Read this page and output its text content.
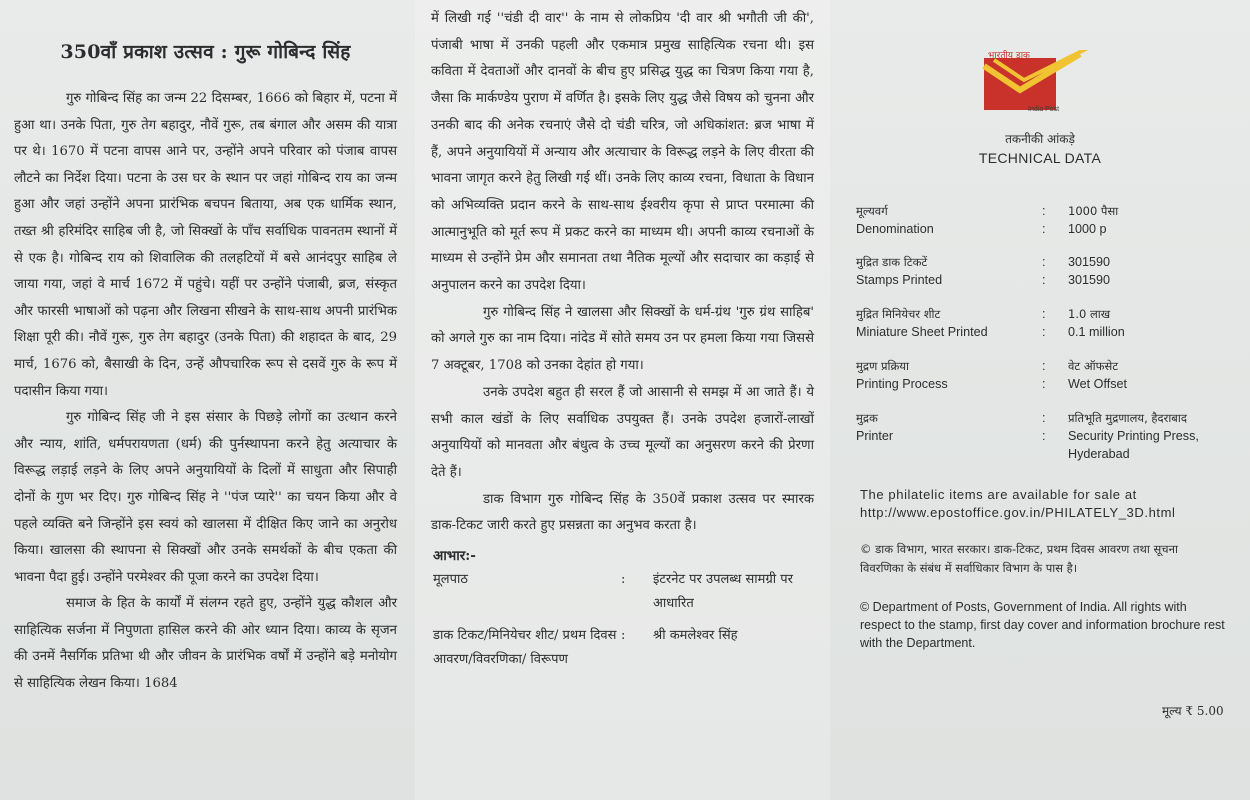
350वाँ प्रकाश उत्सव : गुरू गोबिन्द सिंह

गुरु गोबिन्द सिंह का जन्म 22 दिसम्बर, 1666 को बिहार में, पटना में हुआ था। उनके पिता, गुरु तेग बहादुर, नौवें गुरू, तब बंगाल और असम की यात्रा पर थे। 1670 में पटना वापस आने पर, उन्होंने अपने परिवार को पंजाब वापस लौटने का निर्देश दिया। पटना के उस घर के स्थान पर जहां गोबिन्द राय का जन्म हुआ और जहां उन्होंने अपना प्रारंभिक बचपन बिताया, अब एक धार्मिक स्थान, तख्त श्री हरिमंदिर साहिब जी है, जो सिक्खों के पाँच सर्वाधिक पावनतम स्थानों में से एक है। गोबिन्द राय को शिवालिक की तलहटियों में बसे आनंदपुर साहिब ले जाया गया, जहां वे मार्च 1672 में पहुंचे। यहीं पर उन्होंने पंजाबी, ब्रज, संस्कृत और फारसी भाषाओं को पढ़ना और लिखना सीखने के साथ-साथ अपनी प्रारंभिक शिक्षा पूरी की। नौवें गुरू, गुरु तेग बहादुर (उनके पिता) की शहादत के बाद, 29 मार्च, 1676 को, बैसाखी के दिन, उन्हें औपचारिक रूप से दसवें गुरु के रूप में पदासीन किया गया।

गुरु गोबिन्द सिंह जी ने इस संसार के पिछड़े लोगों का उत्थान करने और न्याय, शांति, धर्मपरायणता (धर्म) की पुर्नस्थापना करने हेतु अत्याचार के विरूद्ध लड़ाई लड़ने के लिए अपने अनुयायियों के दिलों में साधुता और सिपाही दोनों के गुण भर दिए। गुरु गोबिन्द सिंह ने ''पंज प्यारे'' का चयन किया और वे पहले व्यक्ति बने जिन्होंने इस स्वयं को खालसा में दीक्षित किए जाने का अनुरोध किया। खालसा की स्थापना से सिक्खों और उनके समर्थकों के बीच एकता की भावना पैदा हुई। उन्होंने परमेश्वर की पूजा करने का उपदेश दिया।

समाज के हित के कार्यों में संलग्न रहते हुए, उन्होंने युद्ध कौशल और साहित्यिक सर्जना में निपुणता हासिल करने की ओर ध्यान दिया। काव्य के सृजन की उनमें नैसर्गिक प्रतिभा थी और जीवन के प्रारंभिक वर्षों में उन्होंने बड़े मनोयोग से साहित्यिक लेखन किया। 1684

में लिखी गई ''चंडी दी वार'' के नाम से लोकप्रिय 'दी वार श्री भगौती जी की', पंजाबी भाषा में उनकी पहली और एकमात्र प्रमुख साहित्यिक रचना थी। इस कविता में देवताओं और दानवों के बीच हुए प्रसिद्ध युद्ध का चित्रण किया गया है, जैसा कि मार्कण्डेय पुराण में वर्णित है। इसके लिए युद्ध जैसे विषय को चुनना और उनकी बाद की अनेक रचनाएं जैसे दो चंडी चरित्र, जो अधिकांशत: ब्रज भाषा में हैं, अपने अनुयायियों में अन्याय और अत्याचार के विरूद्ध लड़ने के लिए वीरता की भावना जागृत करने हेतु लिखी गई थीं। उनके लिए काव्य रचना, विधाता के विधान को अभिव्यक्ति प्रदान करने के साथ-साथ ईश्वरीय कृपा से प्राप्त परमात्मा की आत्मानुभूति को मूर्त रूप में प्रकट करने का माध्यम थी। अपनी काव्य रचनाओं के माध्यम से उन्होंने प्रेम और समानता तथा नैतिक मूल्यों और सदाचार का कड़ाई से अनुपालन करने का उपदेश दिया।

गुरु गोबिन्द सिंह ने खालसा और सिक्खों के धर्म-ग्रंथ 'गुरु ग्रंथ साहिब' को अगले गुरु का नाम दिया। नांदेड में सोते समय उन पर हमला किया गया जिससे 7 अक्टूबर, 1708 को उनका देहांत हो गया।

उनके उपदेश बहुत ही सरल हैं जो आसानी से समझ में आ जाते हैं। ये सभी काल खंडों के लिए सर्वाधिक उपयुक्त हैं। उनके उपदेश हजारों-लाखों अनुयायियों को मानवता और बंधुत्व के उच्च मूल्यों का अनुसरण करने की प्रेरणा देते हैं।

डाक विभाग गुरु गोबिन्द सिंह के 350वें प्रकाश उत्सव पर स्मारक डाक-टिकट जारी करते हुए प्रसन्नता का अनुभव करता है।

आभार:-
मूलपाठ	:	इंटरनेट पर उपलब्ध सामग्री पर आधारित
डाक टिकट/मिनियेचर शीट/ प्रथम दिवस आवरण/विवरणिका/ विरूपण
:	श्री कमलेश्वर सिंह
भारतीय डाक
India Post
तकनीकी आंकड़े
TECHNICAL DATA
मूल्यवर्ग	: 1000 पैसा
Denomination	: 1000 p
मुद्रित डाक टिकटें	: 301590
Stamps Printed	: 301590
मुद्रित मिनियेचर शीट	: 1.0 लाख
Miniature Sheet Printed	: 0.1 million
मुद्रण प्रक्रिया	: वेट ऑफसेट
Printing Process	: Wet Offset
मुद्रक	: प्रतिभूति मुद्रणालय, हैदराबाद
Printer	: Security Printing Press, Hyderabad
The philatelic items are available for sale at http://www.epostoffice.gov.in/PHILATELY_3D.html
© डाक विभाग, भारत सरकार। डाक-टिकट, प्रथम दिवस आवरण तथा सूचना विवरणिका के संबंध में सर्वाधिकार विभाग के पास है।
© Department of Posts, Government of India. All rights with respect to the stamp, first day cover and information brochure rest with the Department.
मूल्य ₹ 5.00
